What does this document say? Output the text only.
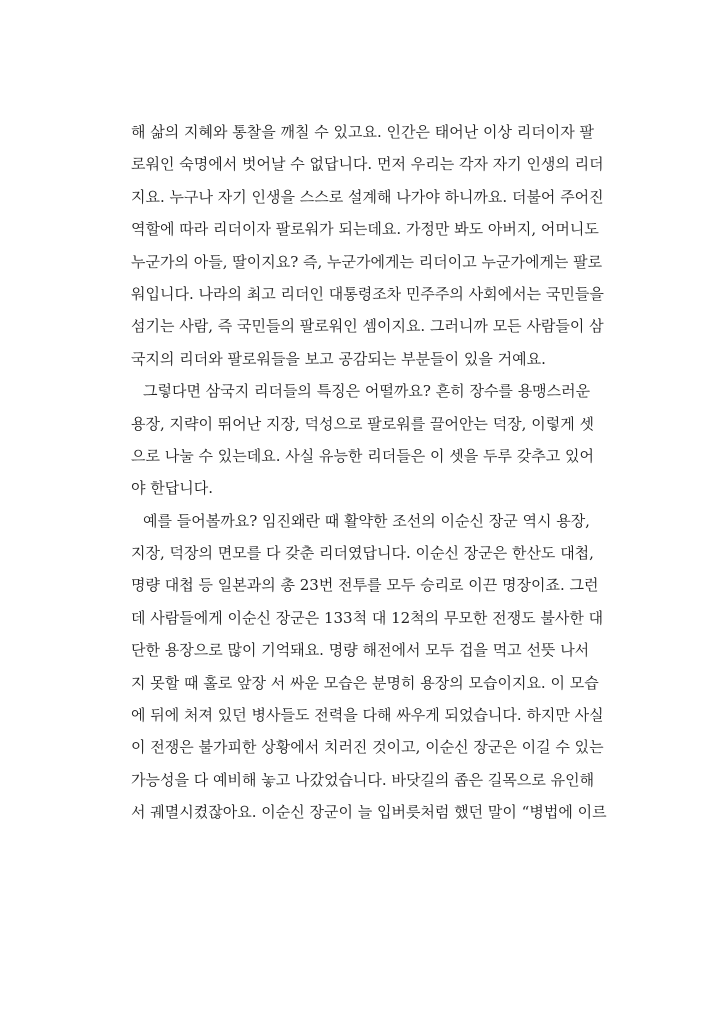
해 삶의 지혜와 통찰을 깨칠 수 있고요. 인간은 태어난 이상 리더이자 팔
로워인 숙명에서 벗어날 수 없답니다. 먼저 우리는 각자 자기 인생의 리더
지요. 누구나 자기 인생을 스스로 설계해 나가야 하니까요. 더불어 주어진
역할에 따라 리더이자 팔로워가 되는데요. 가정만 봐도 아버지, 어머니도
누군가의 아들, 딸이지요? 즉, 누군가에게는 리더이고 누군가에게는 팔로
워입니다. 나라의 최고 리더인 대통령조차 민주주의 사회에서는 국민들을
섬기는 사람, 즉 국민들의 팔로워인 셈이지요. 그러니까 모든 사람들이 삼
국지의 리더와 팔로워들을 보고 공감되는 부분들이 있을 거예요.
그렇다면 삼국지 리더들의 특징은 어떨까요? 흔히 장수를 용맹스러운
용장, 지략이 뛰어난 지장, 덕성으로 팔로워를 끌어안는 덕장, 이렇게 셋
으로 나눌 수 있는데요. 사실 유능한 리더들은 이 셋을 두루 갖추고 있어
야 한답니다.
예를 들어볼까요? 임진왜란 때 활약한 조선의 이순신 장군 역시 용장,
지장, 덕장의 면모를 다 갖춘 리더였답니다. 이순신 장군은 한산도 대첩,
명량 대첩 등 일본과의 총 23번 전투를 모두 승리로 이끈 명장이죠. 그런
데 사람들에게 이순신 장군은 133척 대 12척의 무모한 전쟁도 불사한 대
단한 용장으로 많이 기억돼요. 명량 해전에서 모두 겁을 먹고 선뜻 나서
지 못할 때 홀로 앞장 서 싸운 모습은 분명히 용장의 모습이지요. 이 모습
에 뒤에 처져 있던 병사들도 전력을 다해 싸우게 되었습니다. 하지만 사실
이 전쟁은 불가피한 상황에서 치러진 것이고, 이순신 장군은 이길 수 있는
가능성을 다 예비해 놓고 나갔었습니다. 바닷길의 좁은 길목으로 유인해
서 궤멸시켰잖아요. 이순신 장군이 늘 입버릇처럼 했던 말이 “병법에 이르
